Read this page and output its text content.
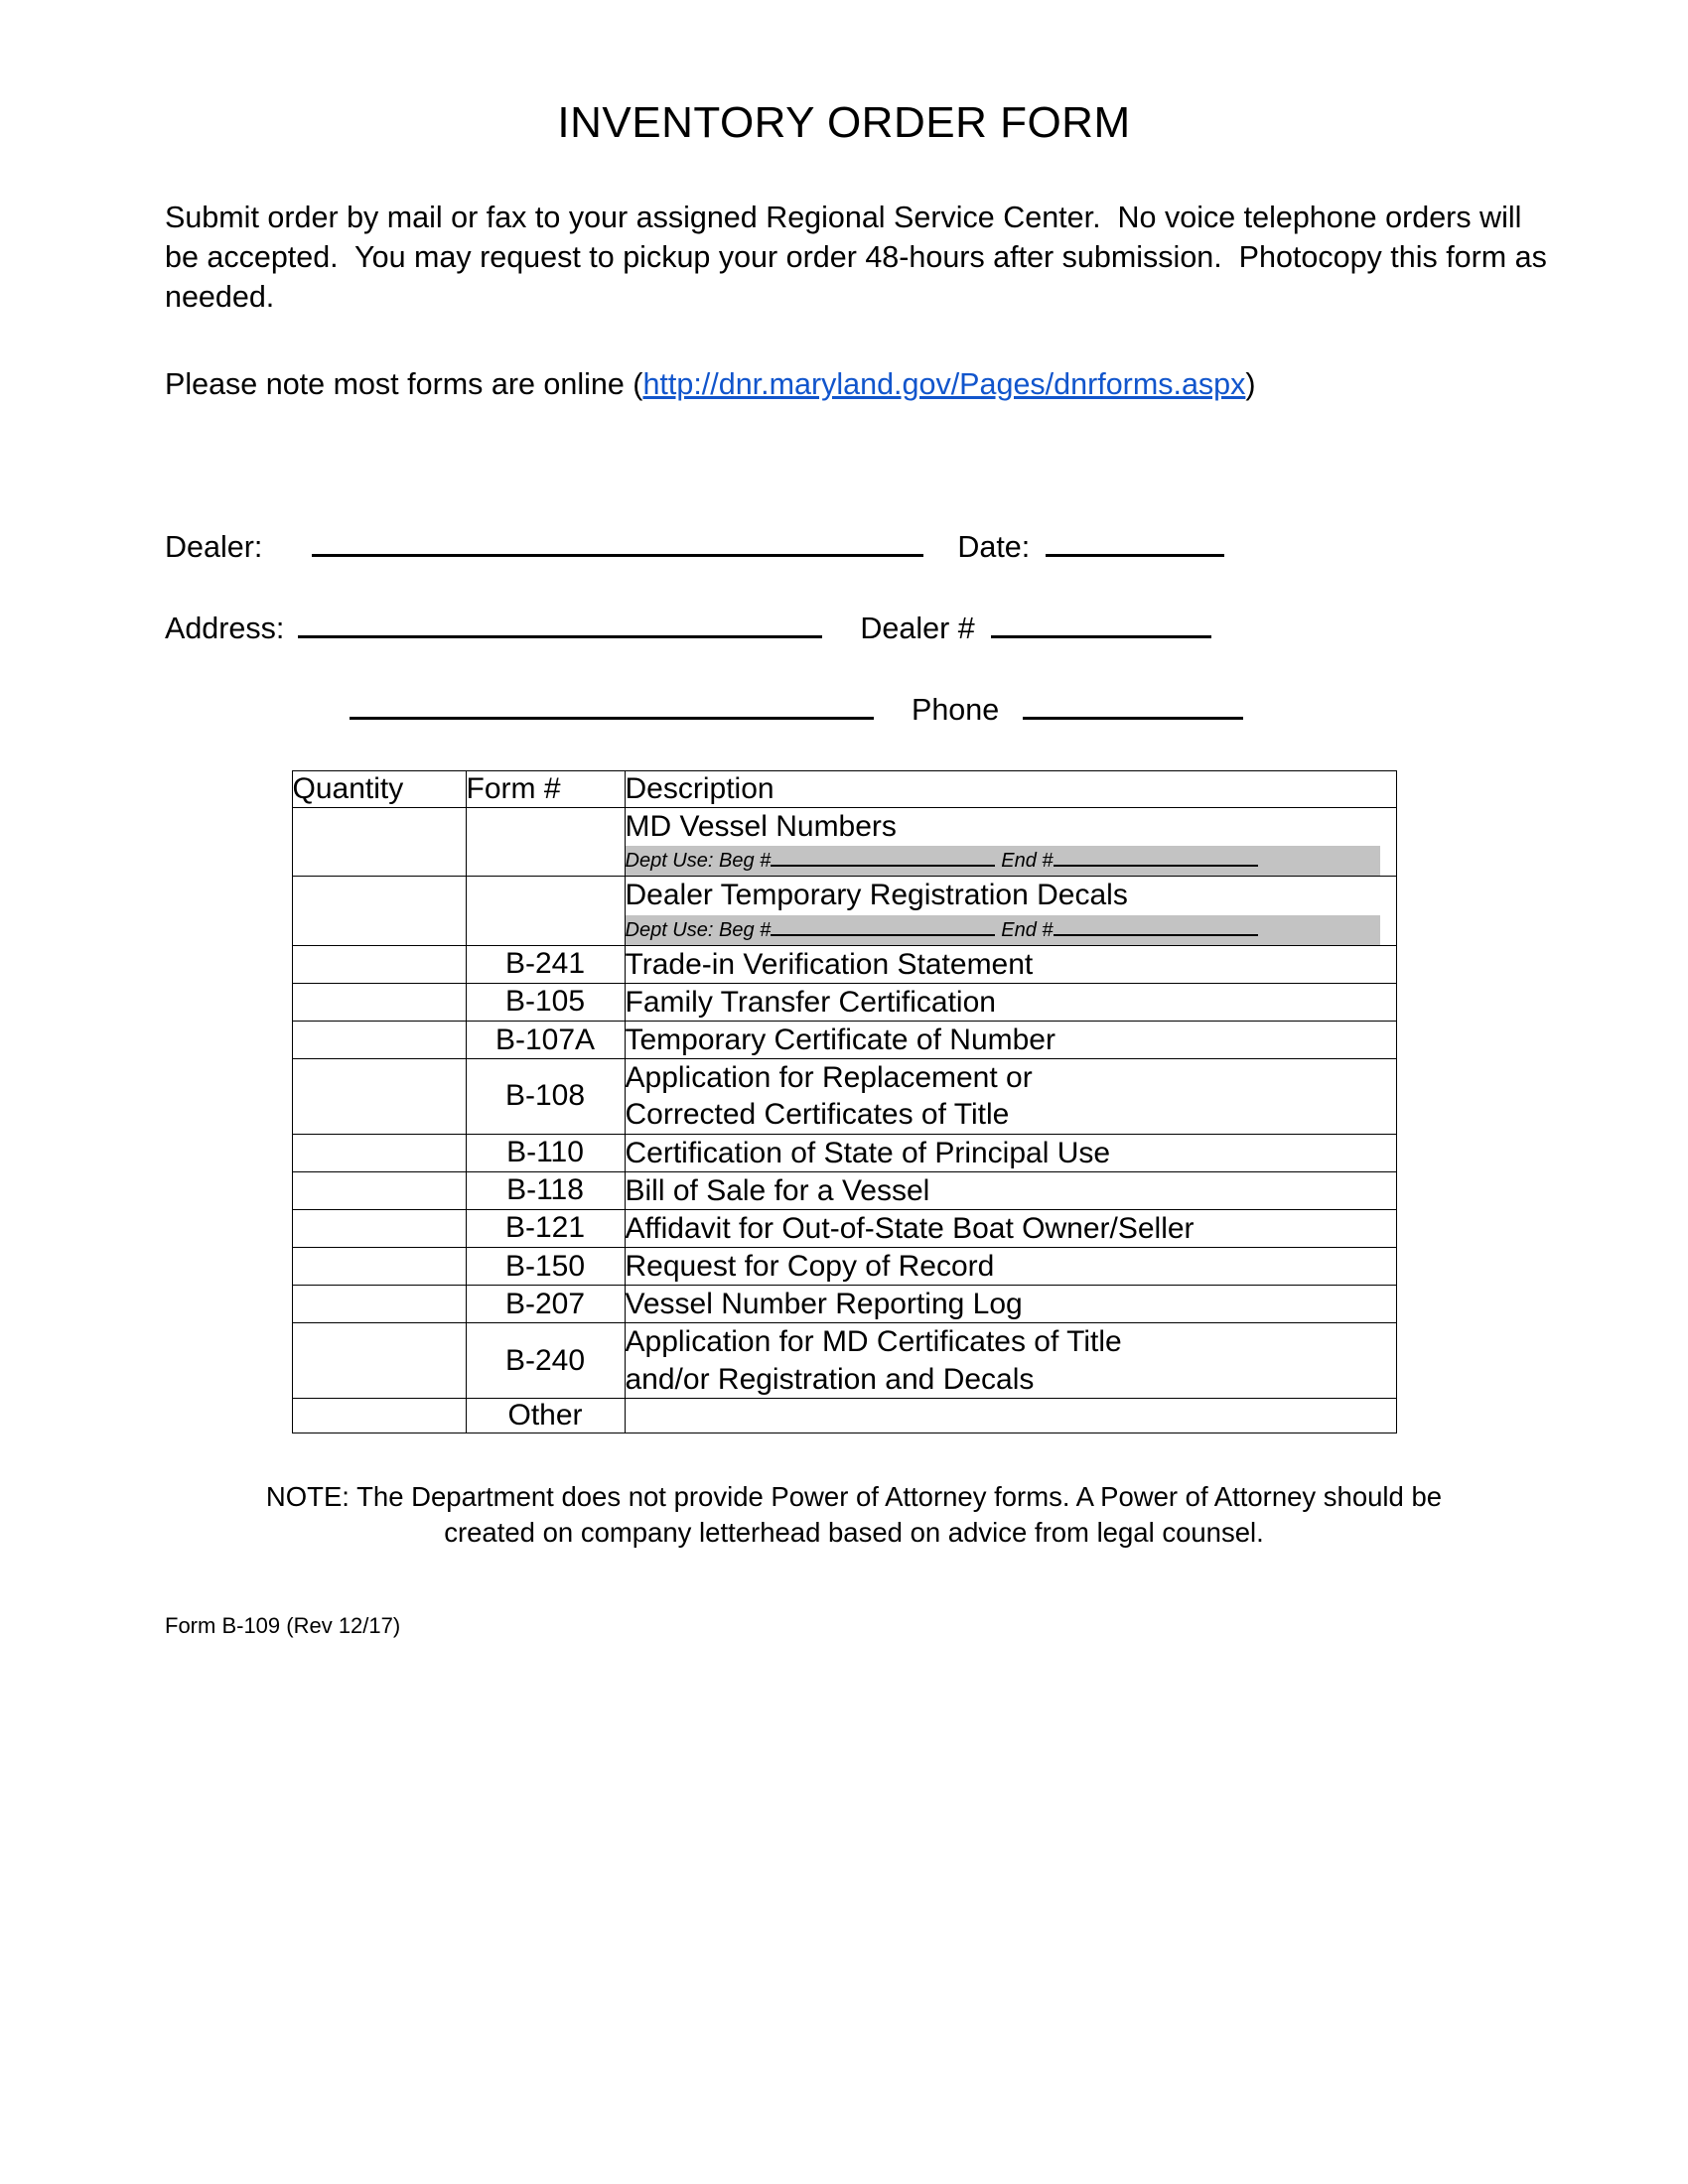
INVENTORY ORDER FORM
Submit order by mail or fax to your assigned Regional Service Center.  No voice telephone orders will be accepted.  You may request to pickup your order 48-hours after submission.  Photocopy this form as needed.
Please note most forms are online (http://dnr.maryland.gov/Pages/dnrforms.aspx)
Dealer:	Date:
Address:	Dealer #
Phone
Quantity	Form #	Description
		MD Vessel Numbers
Dept Use: Beg # End #

		Dealer Temporary Registration Decals
Dept Use: Beg # End #

	B-241	Trade-in Verification Statement
	B-105	Family Transfer Certification
	B-107A	Temporary Certificate of Number
	B-108	Application for Replacement or
Corrected Certificates of Title

	B-110	Certification of State of Principal Use
	B-118	Bill of Sale for a Vessel
	B-121	Affidavit for Out-of-State Boat Owner/Seller
	B-150	Request for Copy of Record
	B-207	Vessel Number Reporting Log
	B-240	Application for MD Certificates of Title
and/or Registration and Decals

	Other	
NOTE: The Department does not provide Power of Attorney forms. A Power of Attorney should be
created on company letterhead based on advice from legal counsel.
Form B-109 (Rev 12/17)
